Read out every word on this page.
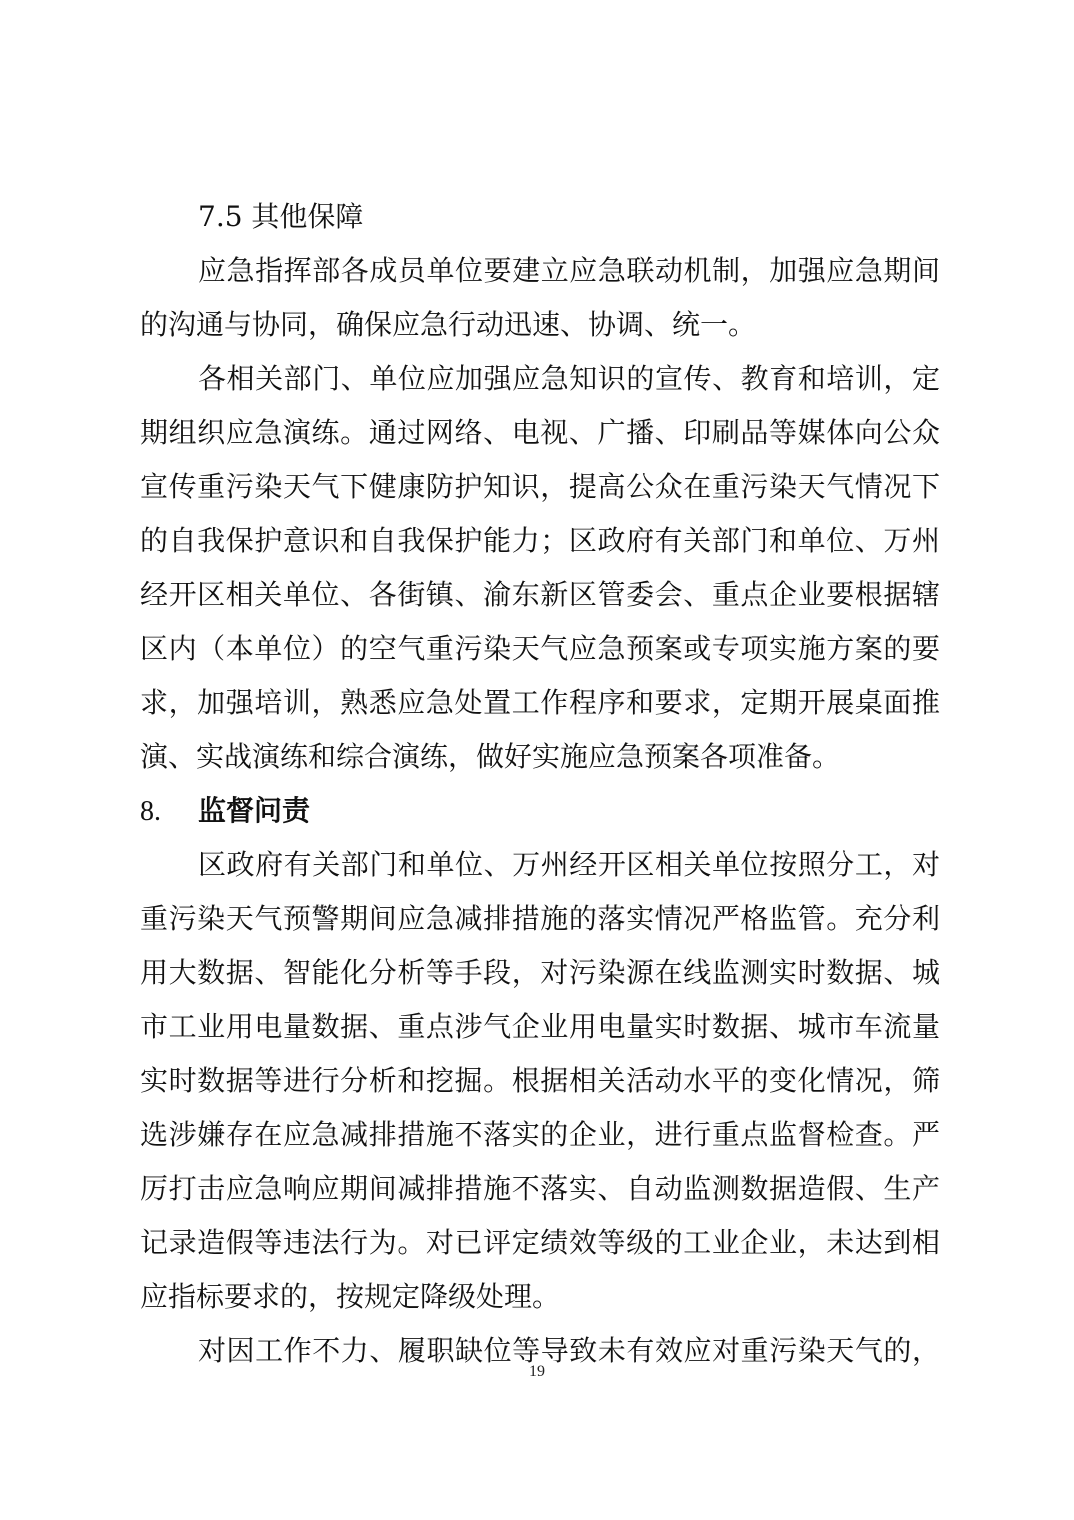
7.5 其他保障
应急指挥部各成员单位要建立应急联动机制，加强应急期间
的沟通与协同，确保应急行动迅速、协调、统一。
各相关部门、单位应加强应急知识的宣传、教育和培训，定
期组织应急演练。通过网络、电视、广播、印刷品等媒体向公众
宣传重污染天气下健康防护知识，提高公众在重污染天气情况下
的自我保护意识和自我保护能力；区政府有关部门和单位、万州
经开区相关单位、各街镇、渝东新区管委会、重点企业要根据辖
区内（本单位）的空气重污染天气应急预案或专项实施方案的要
求，加强培训，熟悉应急处置工作程序和要求，定期开展桌面推
演、实战演练和综合演练，做好实施应急预案各项准备。
8. 监督问责
区政府有关部门和单位、万州经开区相关单位按照分工，对
重污染天气预警期间应急减排措施的落实情况严格监管。充分利
用大数据、智能化分析等手段，对污染源在线监测实时数据、城
市工业用电量数据、重点涉气企业用电量实时数据、城市车流量
实时数据等进行分析和挖掘。根据相关活动水平的变化情况，筛
选涉嫌存在应急减排措施不落实的企业，进行重点监督检查。严
厉打击应急响应期间减排措施不落实、自动监测数据造假、生产
记录造假等违法行为。对已评定绩效等级的工业企业，未达到相
应指标要求的，按规定降级处理。
对因工作不力、履职缺位等导致未有效应对重污染天气的，
19
